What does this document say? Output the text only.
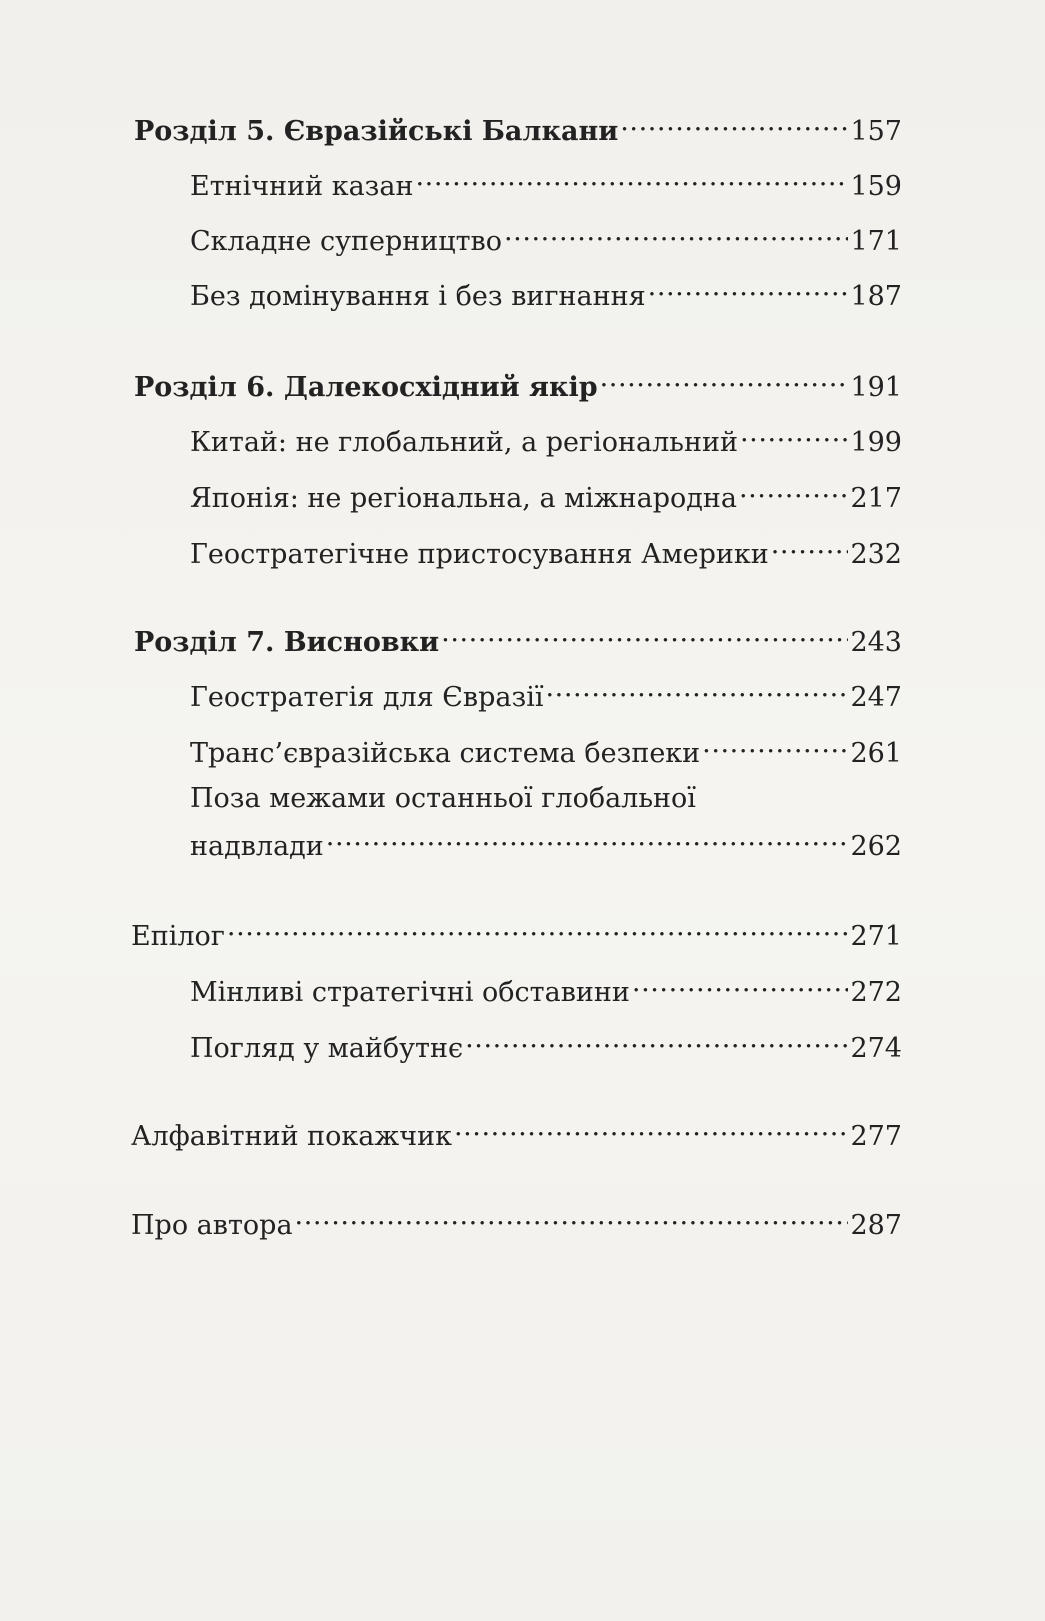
Розділ 5. Євразійські Балкани . . .	157
Етнічний казан . . .	159
Складне суперництво . . .	171
Без домінування і без вигнання . . .	187
Розділ 6. Далекосхідний якір . . .	191
Китай: не глобальний, а регіональний . . .	199
Японія: не регіональна, а міжнародна . . .	217
Геостратегічне пристосування Америки . . .	232
Розділ 7. Висновки . . .	243
Геостратегія для Євразії . . .	247
Транс’євразійська система безпеки . . .	261
Поза межами останньої глобальної
надвлади . . .	262
Епілог . . .	271
Мінливі стратегічні обставини . . .	272
Погляд у майбутнє . . .	274
Алфавітний покажчик . . .	277
Про автора . . .	287
